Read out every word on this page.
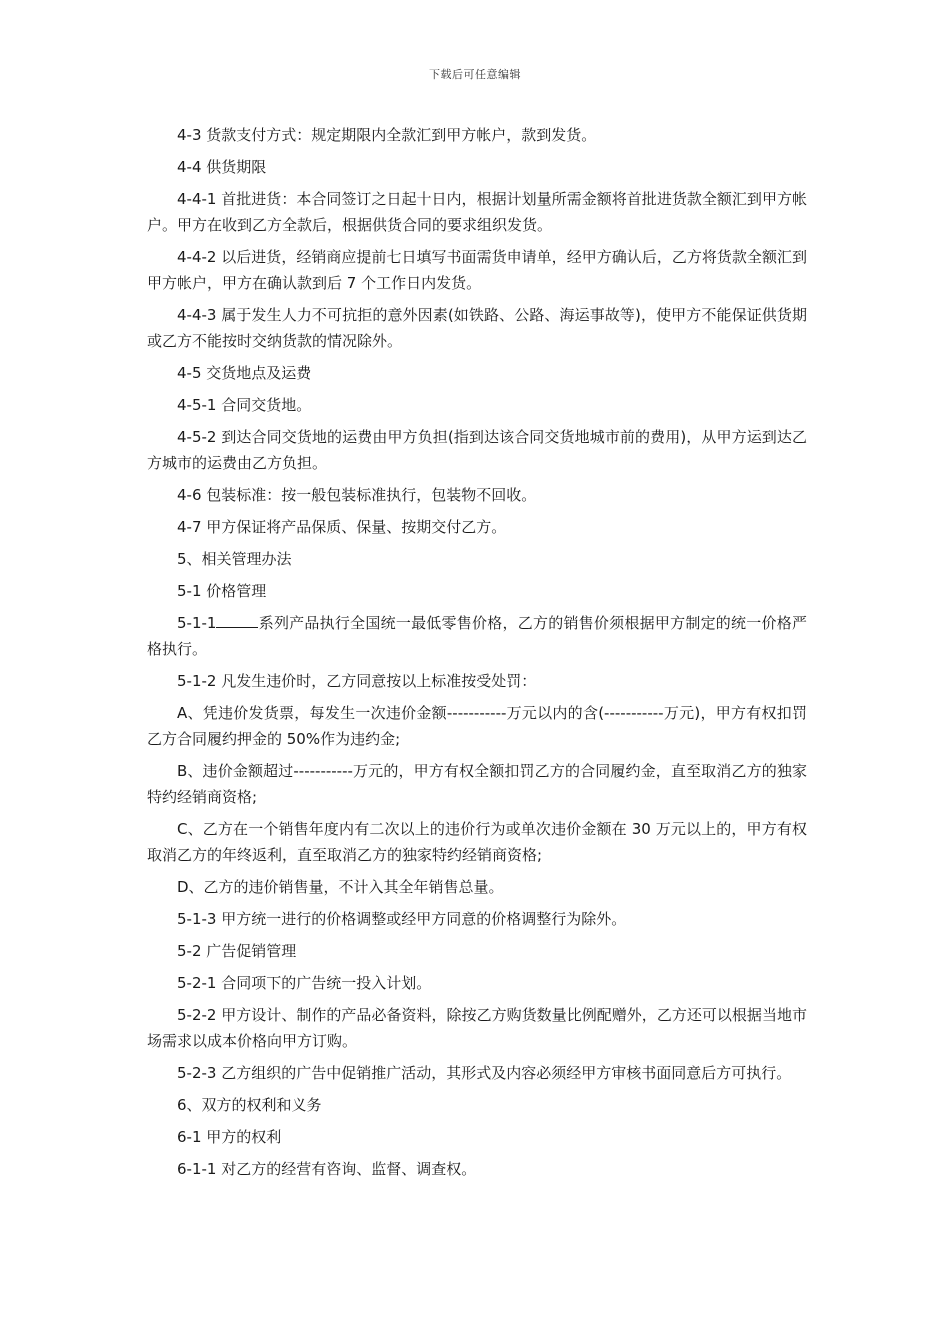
下载后可任意编辑

4-3 货款支付方式：规定期限内全款汇到甲方帐户，款到发货。

4-4 供货期限

4-4-1 首批进货：本合同签订之日起十日内，根据计划量所需金额将首批进货款全额汇到甲方帐户。甲方在收到乙方全款后，根据供货合同的要求组织发货。

4-4-2 以后进货，经销商应提前七日填写书面需货申请单，经甲方确认后，乙方将货款全额汇到甲方帐户，甲方在确认款到后 7 个工作日内发货。

4-4-3 属于发生人力不可抗拒的意外因素(如铁路、公路、海运事故等)，使甲方不能保证供货期或乙方不能按时交纳货款的情况除外。

4-5 交货地点及运费

4-5-1 合同交货地。

4-5-2 到达合同交货地的运费由甲方负担(指到达该合同交货地城市前的费用)，从甲方运到达乙方城市的运费由乙方负担。

4-6 包装标准：按一般包装标准执行，包装物不回收。

4-7 甲方保证将产品保质、保量、按期交付乙方。

5、相关管理办法

5-1 价格管理

5-1-1	系列产品执行全国统一最低零售价格，乙方的销售价须根据甲方制定的统一价格严格执行。

5-1-2 凡发生违价时，乙方同意按以上标准按受处罚：

A、凭违价发货票，每发生一次违价金额-----------万元以内的含(-----------万元)，甲方有权扣罚乙方合同履约押金的 50%作为违约金;

B、违价金额超过-----------万元的，甲方有权全额扣罚乙方的合同履约金，直至取消乙方的独家特约经销商资格;

C、乙方在一个销售年度内有二次以上的违价行为或单次违价金额在 30 万元以上的，甲方有权取消乙方的年终返利，直至取消乙方的独家特约经销商资格;

D、乙方的违价销售量，不计入其全年销售总量。

5-1-3 甲方统一进行的价格调整或经甲方同意的价格调整行为除外。

5-2 广告促销管理

5-2-1 合同项下的广告统一投入计划。

5-2-2 甲方设计、制作的产品必备资料，除按乙方购货数量比例配赠外，乙方还可以根据当地市场需求以成本价格向甲方订购。

5-2-3 乙方组织的广告中促销推广活动，其形式及内容必须经甲方审核书面同意后方可执行。

6、双方的权利和义务

6-1 甲方的权利

6-1-1 对乙方的经营有咨询、监督、调查权。
